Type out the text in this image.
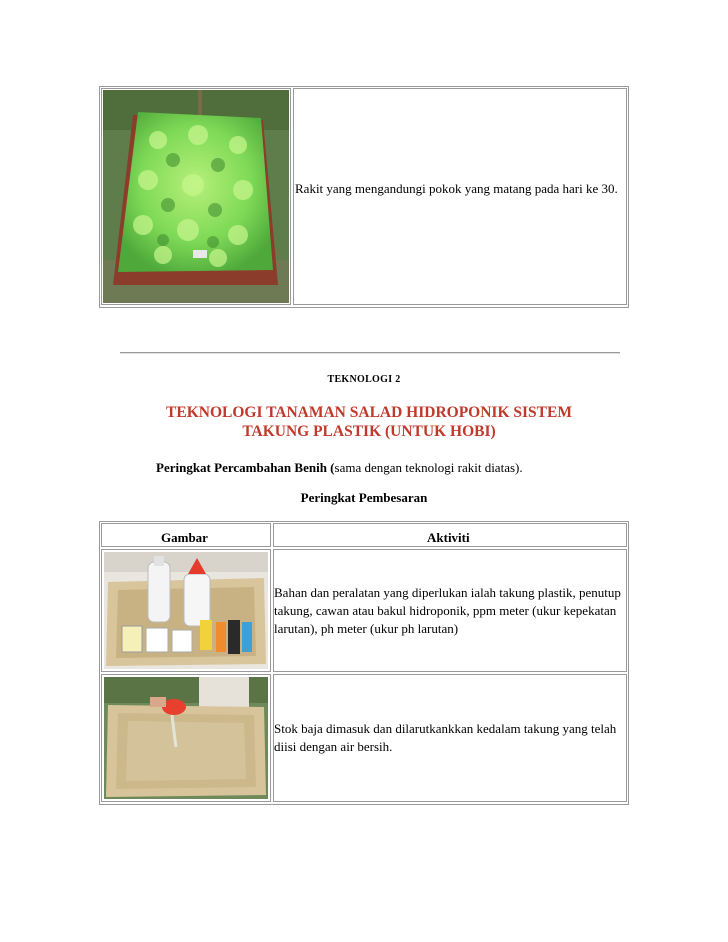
Rakit yang mengandungi pokok yang matang pada hari ke 30.
TEKNOLOGI 2
TEKNOLOGI TANAMAN SALAD HIDROPONIK SISTEM
TAKUNG PLASTIK (UNTUK HOBI)
Peringkat Percambahan Benih (sama dengan teknologi rakit diatas).
Peringkat Pembesaran
Gambar	Aktiviti
Bahan dan peralatan yang diperlukan ialah takung plastik, penutup takung, cawan atau bakul hidroponik, ppm meter (ukur kepekatan larutan), ph meter (ukur ph larutan)
Stok baja dimasuk dan dilarutkankkan kedalam takung yang telah diisi dengan air bersih.
